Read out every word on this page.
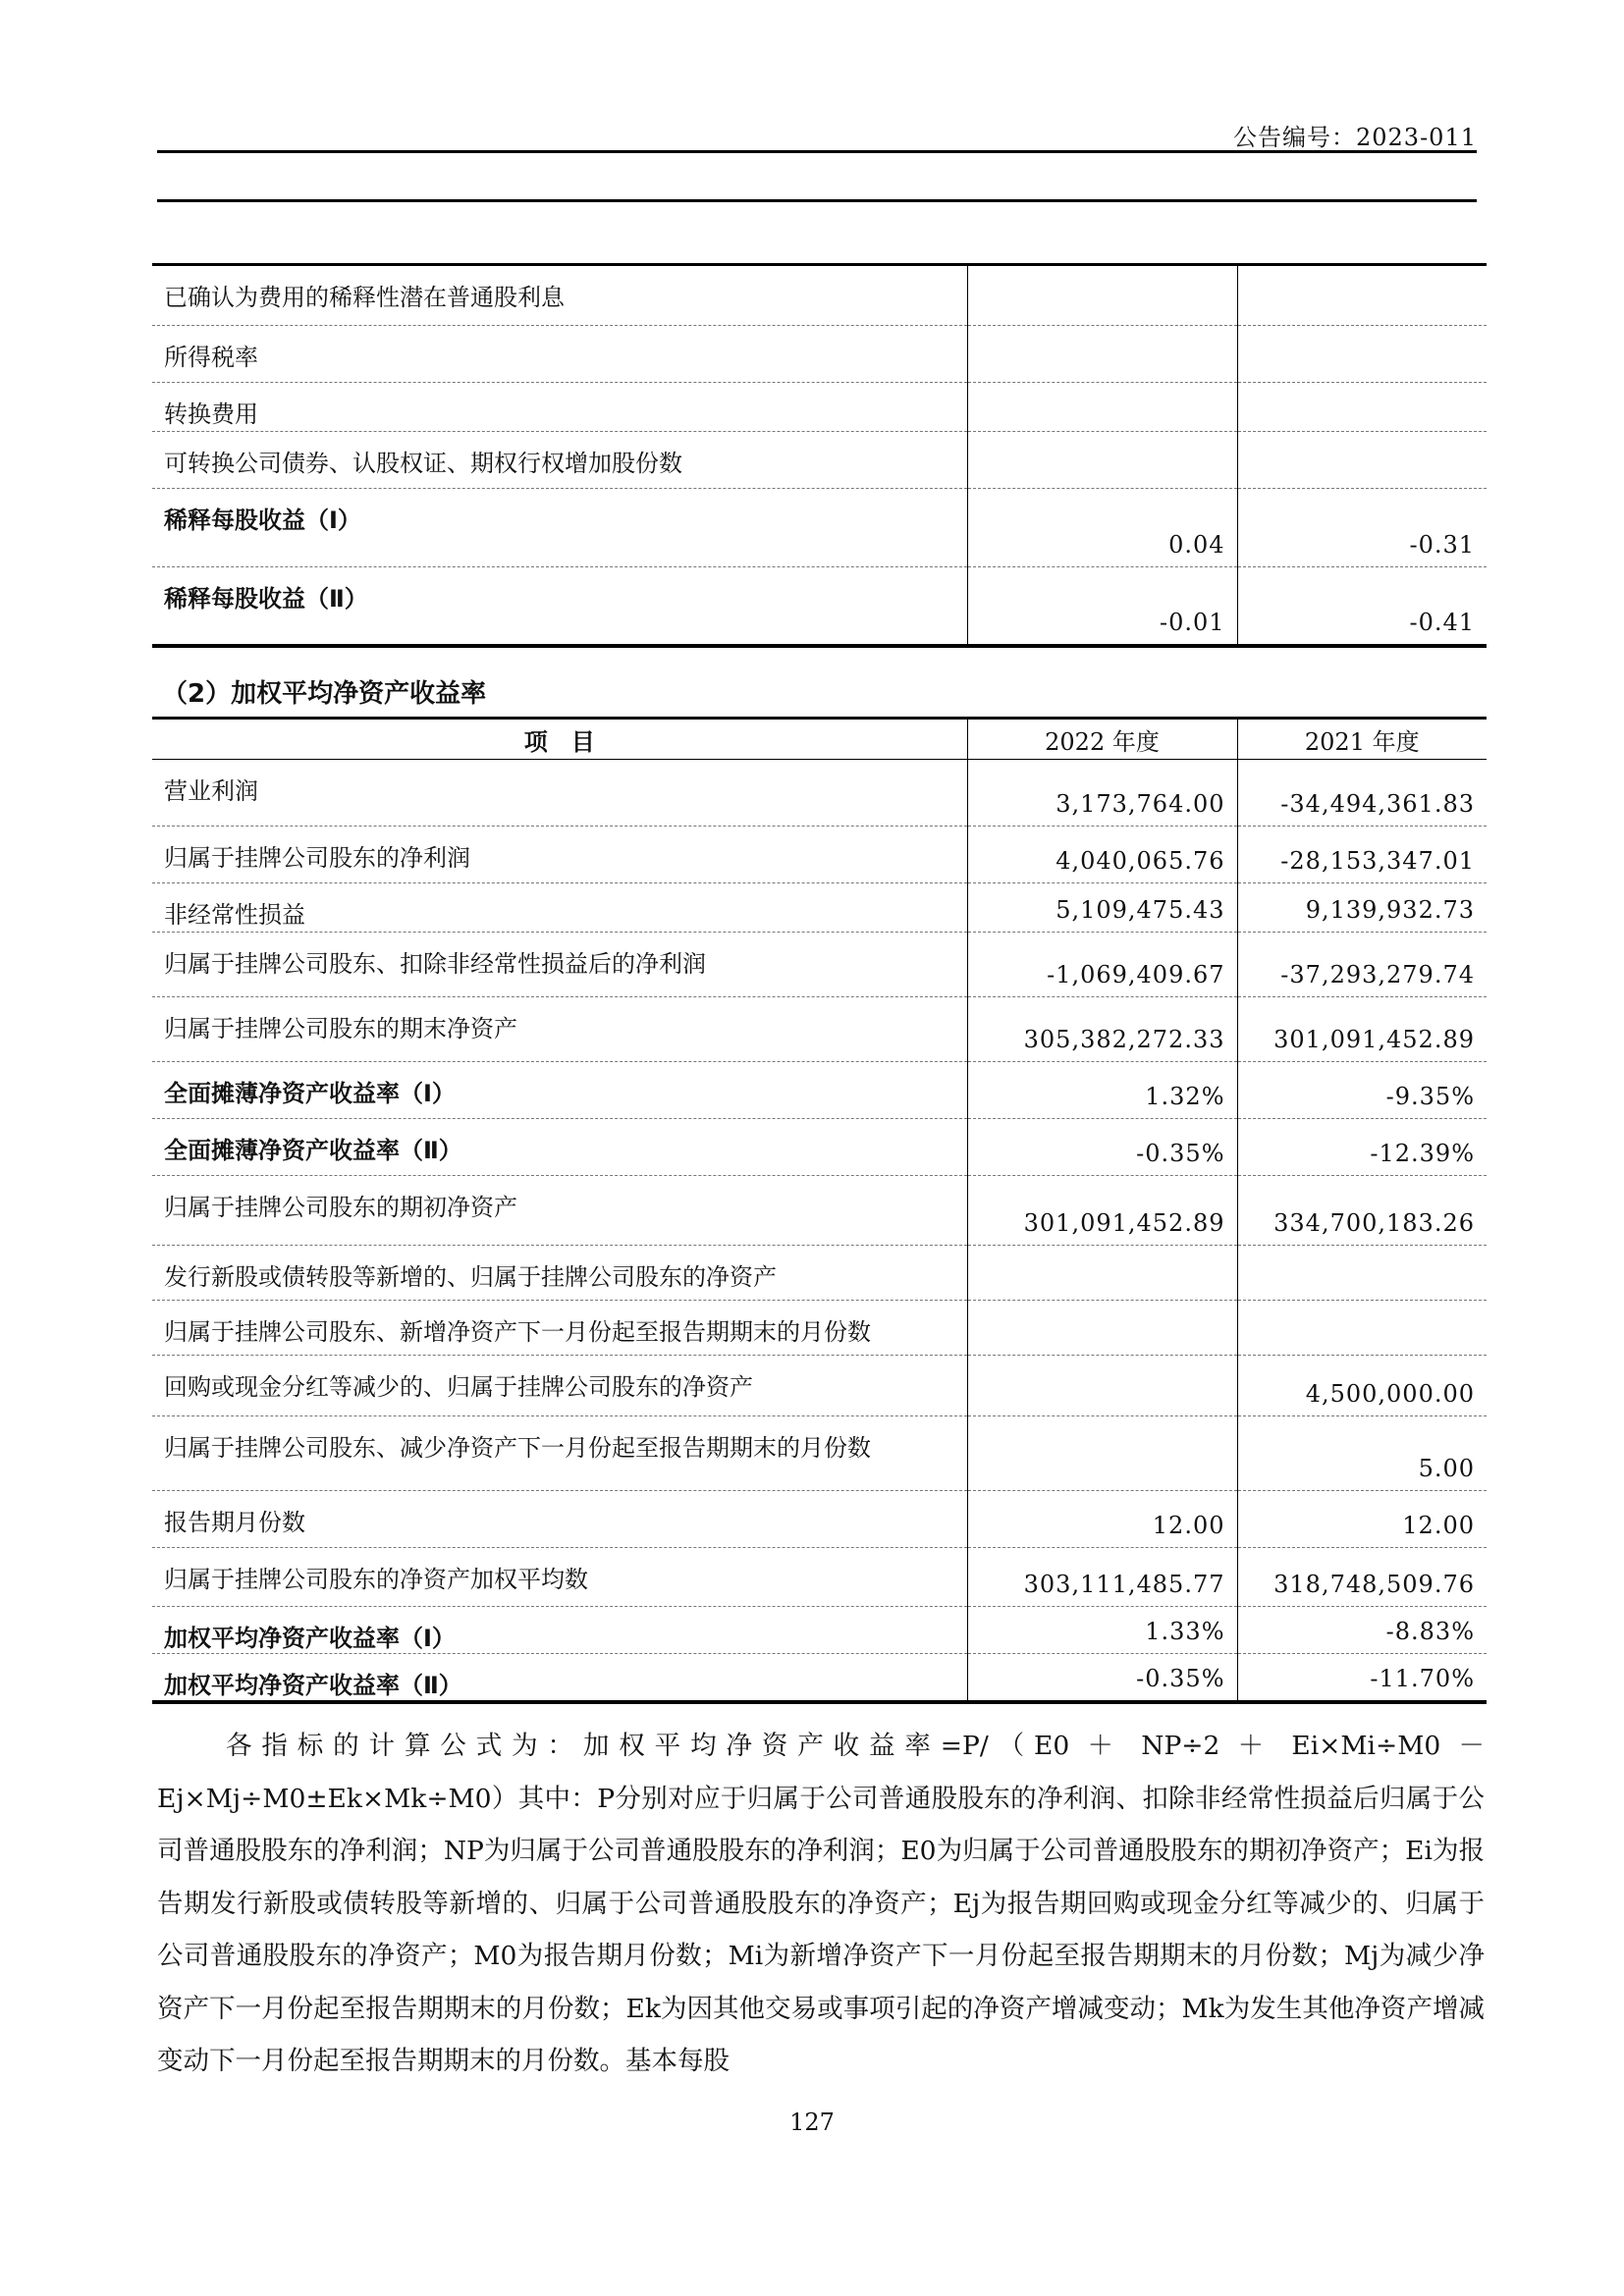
公告编号：2023-011
已确认为费用的稀释性潜在普通股利息		
所得税率		
转换费用		
可转换公司债券、认股权证、期权行权增加股份数		
稀释每股收益（Ⅰ）	0.04	-0.31
稀释每股收益（Ⅱ）	-0.01	-0.41
（2）加权平均净资产收益率
项　目	2022 年度	2021 年度
营业利润	3,173,764.00	-34,494,361.83
归属于挂牌公司股东的净利润	4,040,065.76	-28,153,347.01
非经常性损益	5,109,475.43	9,139,932.73
归属于挂牌公司股东、扣除非经常性损益后的净利润	-1,069,409.67	-37,293,279.74
归属于挂牌公司股东的期末净资产	305,382,272.33	301,091,452.89
全面摊薄净资产收益率（Ⅰ）	1.32%	-9.35%
全面摊薄净资产收益率（Ⅱ）	-0.35%	-12.39%
归属于挂牌公司股东的期初净资产	301,091,452.89	334,700,183.26
发行新股或债转股等新增的、归属于挂牌公司股东的净资产		
归属于挂牌公司股东、新增净资产下一月份起至报告期期末的月份数		
回购或现金分红等减少的、归属于挂牌公司股东的净资产		4,500,000.00
归属于挂牌公司股东、减少净资产下一月份起至报告期期末的月份数		5.00
报告期月份数	12.00	12.00
归属于挂牌公司股东的净资产加权平均数	303,111,485.77	318,748,509.76
加权平均净资产收益率（Ⅰ）	1.33%	-8.83%
加权平均净资产收益率（Ⅱ）	-0.35%	-11.70%

各指标的计算公式为：加权平均净资产收益率=P/（E0 ＋ NP÷2 ＋ Ei×Mi÷M0 －Ej×Mj÷M0±Ek×Mk÷M0）其中：P分别对应于归属于公司普通股股东的净利润、扣除非经常性损益后归属于公司普通股股东的净利润；NP为归属于公司普通股股东的净利润；E0为归属于公司普通股股东的期初净资产；Ei为报告期发行新股或债转股等新增的、归属于公司普通股股东的净资产；Ej为报告期回购或现金分红等减少的、归属于公司普通股股东的净资产；M0为报告期月份数；Mi为新增净资产下一月份起至报告期期末的月份数；Mj为减少净资产下一月份起至报告期期末的月份数；Ek为因其他交易或事项引起的净资产增减变动；Mk为发生其他净资产增减变动下一月份起至报告期期末的月份数。基本每股

127
